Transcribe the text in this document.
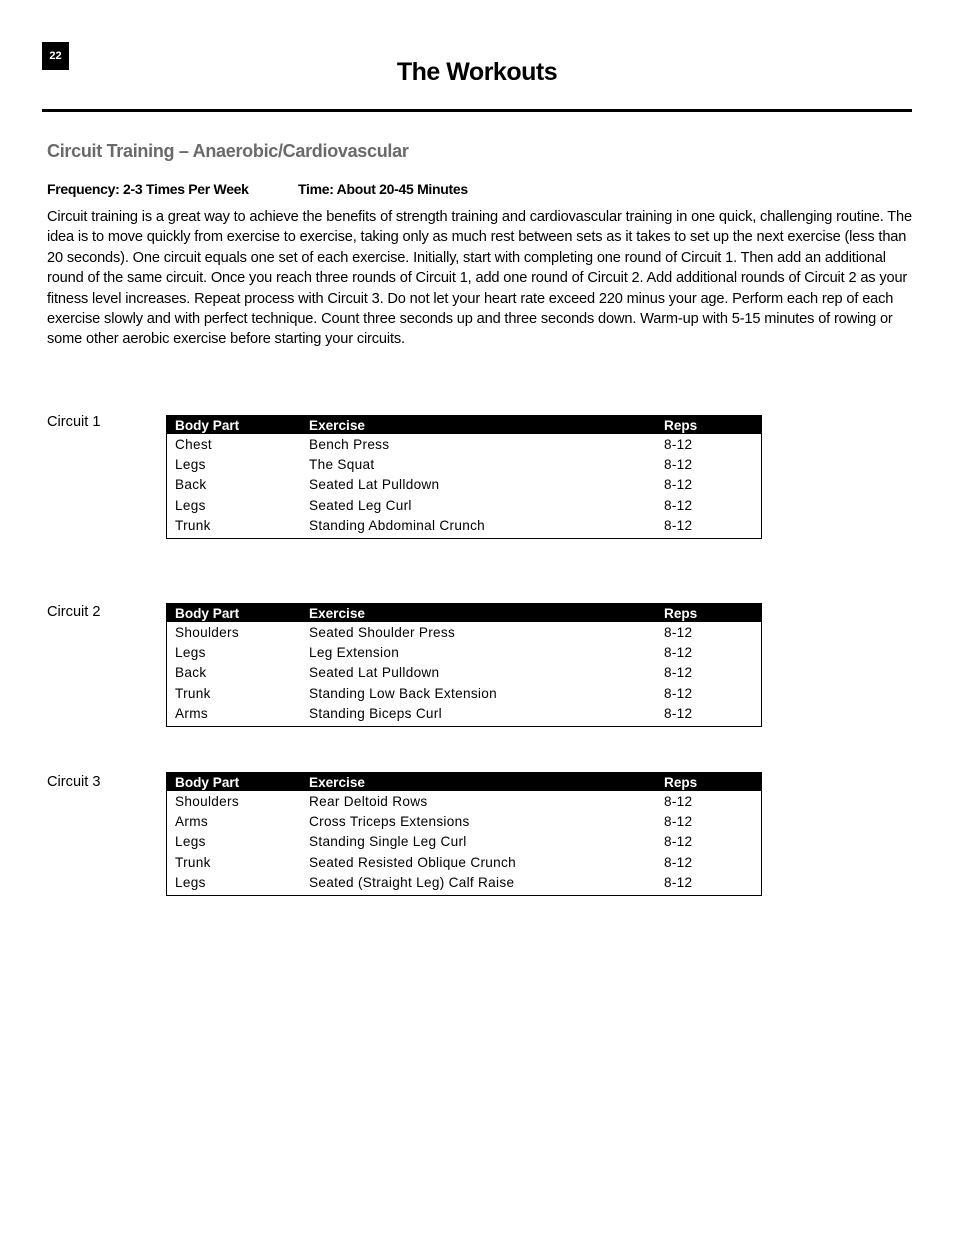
22
The Workouts
Circuit Training – Anaerobic/Cardiovascular
Frequency: 2-3 Times Per Week	Time: About 20-45 Minutes
Circuit training is a great way to achieve the benefits of strength training and cardiovascular training in one quick, challenging routine. The idea is to move quickly from exercise to exercise, taking only as much rest between sets as it takes to set up the next exercise (less than 20 seconds). One circuit equals one set of each exercise. Initially, start with completing one round of Circuit 1. Then add an additional round of the same circuit. Once you reach three rounds of Circuit 1, add one round of Circuit 2. Add additional rounds of Circuit 2 as your fitness level increases. Repeat process with Circuit 3. Do not let your heart rate exceed 220 minus your age. Perform each rep of each exercise slowly and with perfect technique. Count three seconds up and three seconds down. Warm-up with 5-15 minutes of rowing or some other aerobic exercise before starting your circuits.
Circuit 1	Body Part	Exercise	Reps
Chest	Bench Press	8-12
Legs	The Squat	8-12
Back	Seated Lat Pulldown	8-12
Legs	Seated Leg Curl	8-12
Trunk	Standing Abdominal Crunch	8-12
Circuit 2	Body Part	Exercise	Reps
Shoulders	Seated Shoulder Press	8-12
Legs	Leg Extension	8-12
Back	Seated Lat Pulldown	8-12
Trunk	Standing Low Back Extension	8-12
Arms	Standing Biceps Curl	8-12
Circuit 3	Body Part	Exercise	Reps
Shoulders	Rear Deltoid Rows	8-12
Arms	Cross Triceps Extensions	8-12
Legs	Standing Single Leg Curl	8-12
Trunk	Seated Resisted Oblique Crunch	8-12
Legs	Seated (Straight Leg) Calf Raise	8-12
